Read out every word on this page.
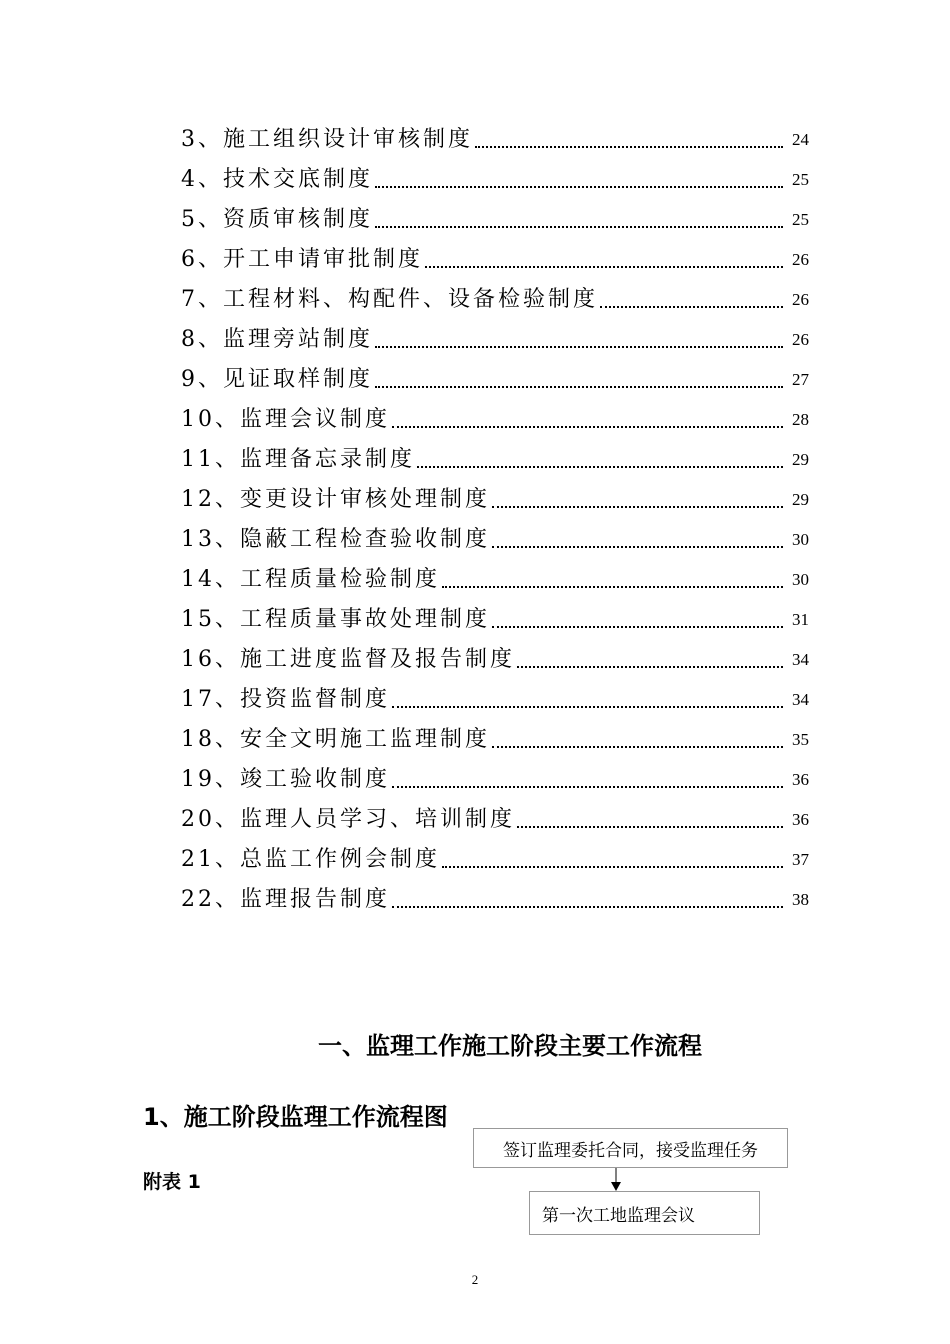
3、施工组织设计审核制度	24
4、技术交底制度	25
5、资质审核制度	25
6、开工申请审批制度	26
7、工程材料、构配件、设备检验制度	26
8、监理旁站制度	26
9、见证取样制度	27
10、监理会议制度	28
11、监理备忘录制度	29
12、变更设计审核处理制度	29
13、隐蔽工程检查验收制度	30
14、工程质量检验制度	30
15、工程质量事故处理制度	31
16、施工进度监督及报告制度	34
17、投资监督制度	34
18、安全文明施工监理制度	35
19、竣工验收制度	36
20、监理人员学习、培训制度	36
21、总监工作例会制度	37
22、监理报告制度	38
一、监理工作施工阶段主要工作流程
1、施工阶段监理工作流程图
附表 1
签订监理委托合同，接受监理任务
第一次工地监理会议
2
